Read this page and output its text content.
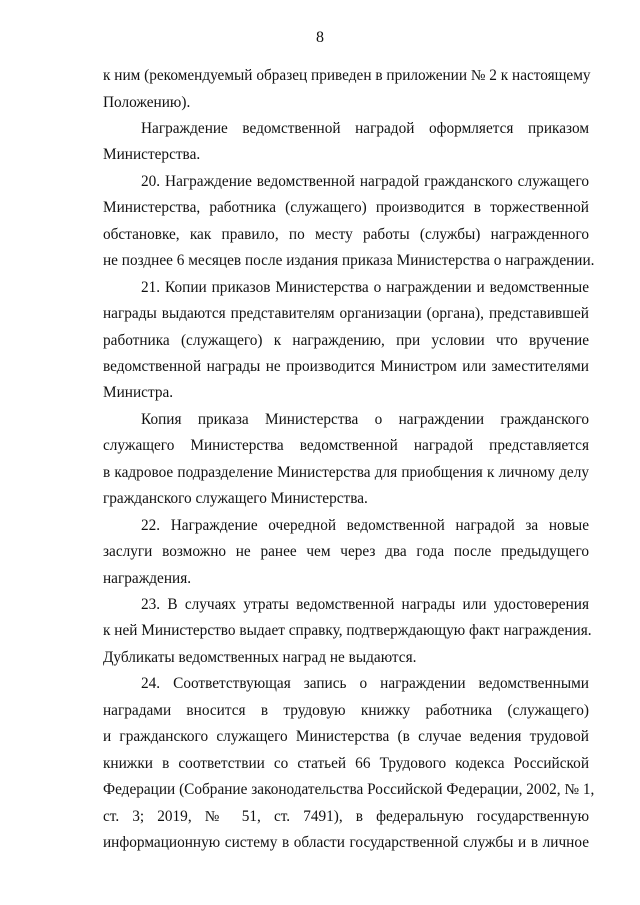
8
к ним (рекомендуемый образец приведен в приложении № 2 к настоящему
Положению).
Награждение ведомственной наградой оформляется приказом
Министерства.
20. Награждение ведомственной наградой гражданского служащего
Министерства, работника (служащего) производится в торжественной
обстановке, как правило, по месту работы (службы) награжденного
не позднее 6 месяцев после издания приказа Министерства о награждении.
21. Копии приказов Министерства о награждении и ведомственные
награды выдаются представителям организации (органа), представившей
работника (служащего) к награждению, при условии что вручение
ведомственной награды не производится Министром или заместителями
Министра.
Копия приказа Министерства о награждении гражданского
служащего Министерства ведомственной наградой представляется
в кадровое подразделение Министерства для приобщения к личному делу
гражданского служащего Министерства.
22. Награждение очередной ведомственной наградой за новые
заслуги возможно не ранее чем через два года после предыдущего
награждения.
23. В случаях утраты ведомственной награды или удостоверения
к ней Министерство выдает справку, подтверждающую факт награждения.
Дубликаты ведомственных наград не выдаются.
24. Соответствующая запись о награждении ведомственными
наградами вносится в трудовую книжку работника (служащего)
и гражданского служащего Министерства (в случае ведения трудовой
книжки в соответствии со статьей 66 Трудового кодекса Российской
Федерации (Собрание законодательства Российской Федерации, 2002, № 1,
ст. 3; 2019, № 51, ст. 7491), в федеральную государственную
информационную систему в области государственной службы и в личное
